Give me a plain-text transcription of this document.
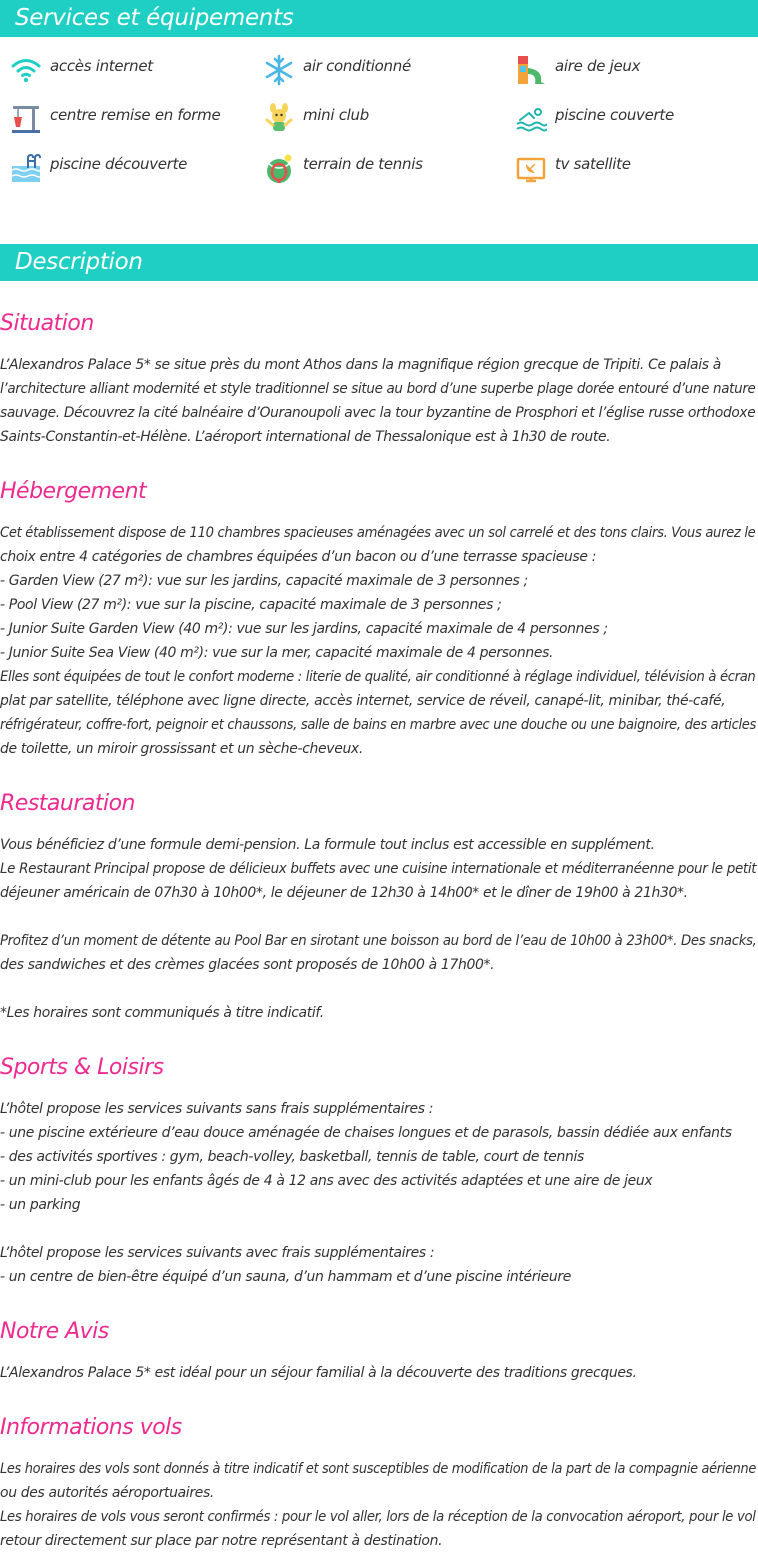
Services et équipements
accès internet	air conditionné	aire de jeux
centre remise en forme	mini club	piscine couverte
piscine découverte	terrain de tennis	tv satellite
Description
Situation
L’Alexandros Palace 5* se situe près du mont Athos dans la magnifique région grecque de Tripiti. Ce palais à
l’architecture alliant modernité et style traditionnel se situe au bord d’une superbe plage dorée entouré d’une nature
sauvage. Découvrez la cité balnéaire d’Ouranoupoli avec la tour byzantine de Prosphori et l’église russe orthodoxe
Saints-Constantin-et-Hélène. L’aéroport international de Thessalonique est à 1h30 de route.
Hébergement
Cet établissement dispose de 110 chambres spacieuses aménagées avec un sol carrelé et des tons clairs. Vous aurez le
choix entre 4 catégories de chambres équipées d’un bacon ou d’une terrasse spacieuse :
- Garden View (27 m²): vue sur les jardins, capacité maximale de 3 personnes ;
- Pool View (27 m²): vue sur la piscine, capacité maximale de 3 personnes ;
- Junior Suite Garden View (40 m²): vue sur les jardins, capacité maximale de 4 personnes ;
- Junior Suite Sea View (40 m²): vue sur la mer, capacité maximale de 4 personnes.
Elles sont équipées de tout le confort moderne : literie de qualité, air conditionné à réglage individuel, télévision à écran
plat par satellite, téléphone avec ligne directe, accès internet, service de réveil, canapé-lit, minibar, thé-café,
réfrigérateur, coffre-fort, peignoir et chaussons, salle de bains en marbre avec une douche ou une baignoire, des articles
de toilette, un miroir grossissant et un sèche-cheveux.
Restauration
Vous bénéficiez d’une formule demi-pension. La formule tout inclus est accessible en supplément.
Le Restaurant Principal propose de délicieux buffets avec une cuisine internationale et méditerranéenne pour le petit
déjeuner américain de 07h30 à 10h00*, le déjeuner de 12h30 à 14h00* et le dîner de 19h00 à 21h30*.
Profitez d’un moment de détente au Pool Bar en sirotant une boisson au bord de l’eau de 10h00 à 23h00*. Des snacks,
des sandwiches et des crèmes glacées sont proposés de 10h00 à 17h00*.
*Les horaires sont communiqués à titre indicatif.
Sports & Loisirs
L’hôtel propose les services suivants sans frais supplémentaires :
- une piscine extérieure d’eau douce aménagée de chaises longues et de parasols, bassin dédiée aux enfants
- des activités sportives : gym, beach-volley, basketball, tennis de table, court de tennis
- un mini-club pour les enfants âgés de 4 à 12 ans avec des activités adaptées et une aire de jeux
- un parking
L’hôtel propose les services suivants avec frais supplémentaires :
- un centre de bien-être équipé d’un sauna, d’un hammam et d’une piscine intérieure
Notre Avis
L’Alexandros Palace 5* est idéal pour un séjour familial à la découverte des traditions grecques.
Informations vols
Les horaires des vols sont donnés à titre indicatif et sont susceptibles de modification de la part de la compagnie aérienne
ou des autorités aéroportuaires.
Les horaires de vols vous seront confirmés : pour le vol aller, lors de la réception de la convocation aéroport, pour le vol
retour directement sur place par notre représentant à destination.
